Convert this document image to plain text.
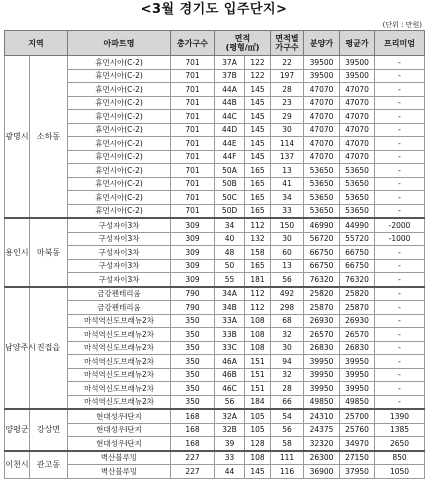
<3월 경기도 입주단지>
(단위 : 만원)
지역		아파트명	총가구수	면적
(평형/㎡)		면적별
가구수	분양가	평균가	프리미엄
광명시	소하동	휴먼시아(C-2)	701	37A	122	22	39500	39500	-
		휴먼시아(C-2)	701	37B	122	197	39500	39500	-
		휴먼시아(C-2)	701	44A	145	28	47070	47070	-
		휴먼시아(C-2)	701	44B	145	23	47070	47070	-
		휴먼시아(C-2)	701	44C	145	29	47070	47070	-
		휴먼시아(C-2)	701	44D	145	30	47070	47070	-
		휴먼시아(C-2)	701	44E	145	114	47070	47070	-
		휴먼시아(C-2)	701	44F	145	137	47070	47070	-
		휴먼시아(C-2)	701	50A	165	13	53650	53650	-
		휴먼시아(C-2)	701	50B	165	41	53650	53650	-
		휴먼시아(C-2)	701	50C	165	34	53650	53650	-
		휴먼시아(C-2)	701	50D	165	33	53650	53650	-
용인시	마북동	구성자이3차	309	34	112	150	46990	44990	-2000
		구성자이3차	309	40	132	30	56720	55720	-1000
		구성자이3차	309	48	158	60	66750	66750	-
		구성자이3차	309	50	165	13	66750	66750	-
		구성자이3차	309	55	181	56	76320	76320	-
남양주시	진접읍	금강펜테리움	790	34A	112	492	25820	25820	-
		금강펜테리움	790	34B	112	298	25870	25870	-
		마석역신도브래뉴2차	350	33A	108	68	26930	26930	-
		마석역신도브래뉴2차	350	33B	108	32	26570	26570	-
		마석역신도브래뉴2차	350	33C	108	30	26830	26830	-
		마석역신도브래뉴2차	350	46A	151	94	39950	39950	-
		마석역신도브래뉴2차	350	46B	151	32	39950	39950	-
		마석역신도브래뉴2차	350	46C	151	28	39950	39950	-
		마석역신도브래뉴2차	350	56	184	66	49850	49850	-
양평군	강상면	현대성우I단지	168	32A	105	54	24310	25700	1390
		현대성우I단지	168	32B	105	56	24375	25760	1385
		현대성우I단지	168	39	128	58	32320	34970	2650
이천시	관고동	벽산블루밍	227	33	108	111	26300	27150	850
		벽산블루밍	227	44	145	116	36900	37950	1050
